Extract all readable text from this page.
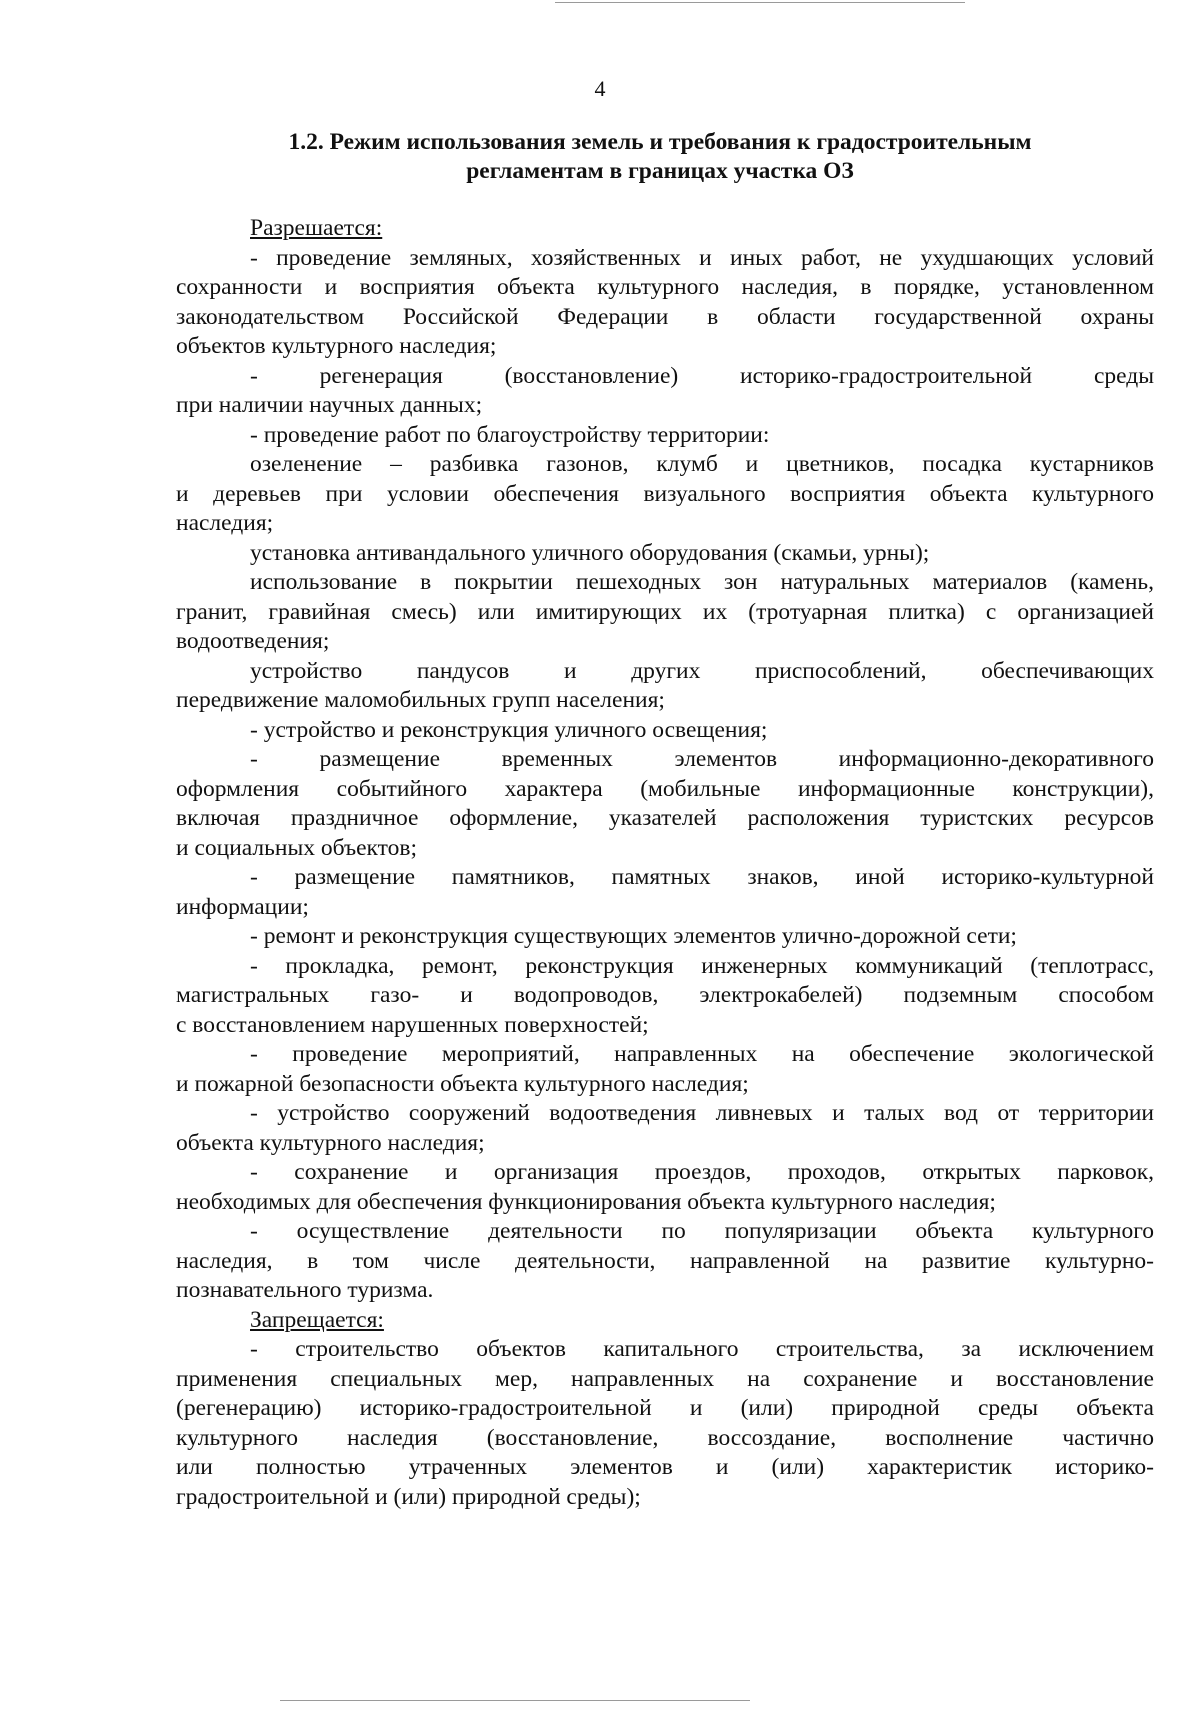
4
1.2. Режим использования земель и требования к градостроительным
регламентам в границах участка ОЗ
Разрешается:
- проведение земляных, хозяйственных и иных работ, не ухудшающих условий
сохранности и восприятия объекта культурного наследия, в порядке, установленном
законодательством Российской Федерации в области государственной охраны
объектов культурного наследия;
- регенерация (восстановление) историко-градостроительной среды
при наличии научных данных;
- проведение работ по благоустройству территории:
озеленение – разбивка газонов, клумб и цветников, посадка кустарников
и деревьев при условии обеспечения визуального восприятия объекта культурного
наследия;
установка антивандального уличного оборудования (скамьи, урны);
использование в покрытии пешеходных зон натуральных материалов (камень,
гранит, гравийная смесь) или имитирующих их (тротуарная плитка) с организацией
водоотведения;
устройство пандусов и других приспособлений, обеспечивающих
передвижение маломобильных групп населения;
- устройство и реконструкция уличного освещения;
- размещение временных элементов информационно-декоративного
оформления событийного характера (мобильные информационные конструкции),
включая праздничное оформление, указателей расположения туристских ресурсов
и социальных объектов;
- размещение памятников, памятных знаков, иной историко-культурной
информации;
- ремонт и реконструкция существующих элементов улично-дорожной сети;
- прокладка, ремонт, реконструкция инженерных коммуникаций (теплотрасс,
магистральных газо- и водопроводов, электрокабелей) подземным способом
с восстановлением нарушенных поверхностей;
- проведение мероприятий, направленных на обеспечение экологической
и пожарной безопасности объекта культурного наследия;
- устройство сооружений водоотведения ливневых и талых вод от территории
объекта культурного наследия;
- сохранение и организация проездов, проходов, открытых парковок,
необходимых для обеспечения функционирования объекта культурного наследия;
- осуществление деятельности по популяризации объекта культурного
наследия, в том числе деятельности, направленной на развитие культурно-
познавательного туризма.
Запрещается:
- строительство объектов капитального строительства, за исключением
применения специальных мер, направленных на сохранение и восстановление
(регенерацию) историко-градостроительной и (или) природной среды объекта
культурного наследия (восстановление, воссоздание, восполнение частично
или полностью утраченных элементов и (или) характеристик историко-
градостроительной и (или) природной среды);
